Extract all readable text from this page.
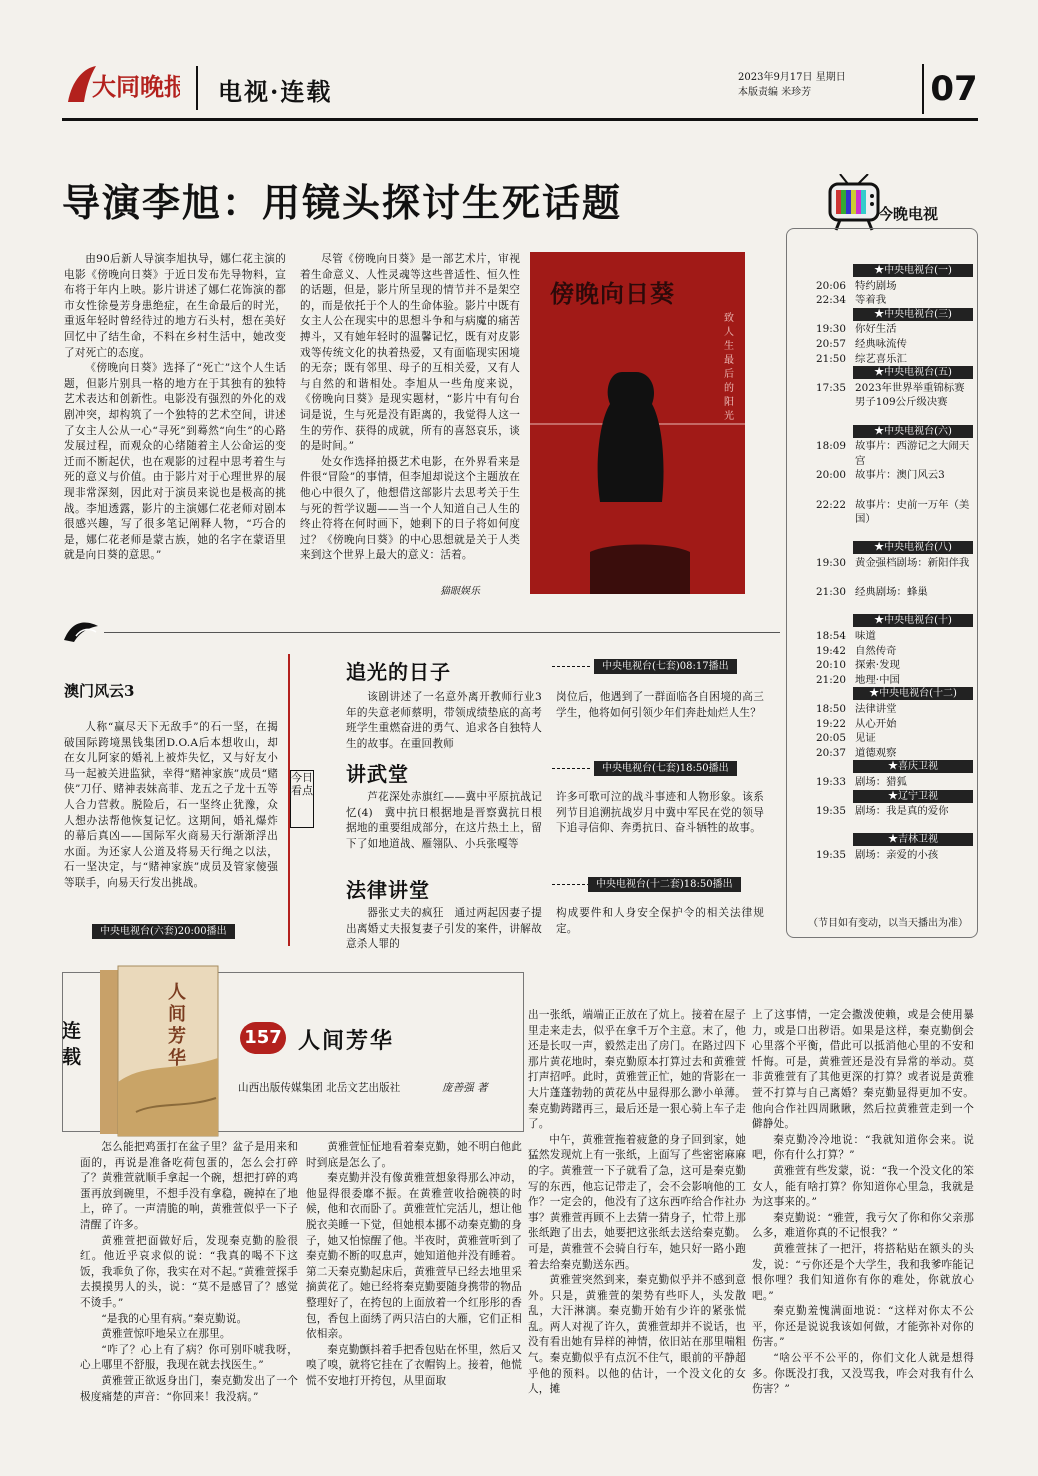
大同晚报 电视·连载	2023年9月17日 星期日
本版责编 米珍芳	07
导演李旭：用镜头探讨生死话题

由90后新人导演李旭执导，娜仁花主演的电影《傍晚向日葵》于近日发布先导物料，宣布将于年内上映。影片讲述了娜仁花饰演的都市女性徐曼芳身患绝症，在生命最后的时光，重返年轻时曾经待过的地方石头村，想在美好回忆中了结生命，不料在乡村生活中，她改变了对死亡的态度。

《傍晚向日葵》选择了“死亡”这个人生话题，但影片别具一格的地方在于其独有的独特艺术表达和创新性。电影没有强烈的外化的戏剧冲突，却构筑了一个独特的艺术空间，讲述了女主人公从一心“寻死”到蓦然“向生”的心路发展过程，而观众的心绪随着主人公命运的变迁而不断起伏，也在观影的过程中思考着生与死的意义与价值。由于影片对于心理世界的展现非常深刻，因此对于演员来说也是极高的挑战。李旭透露，影片的主演娜仁花老师对剧本很感兴趣，写了很多笔记阐释人物，“巧合的是，娜仁花老师是蒙古族，她的名字在蒙语里就是向日葵的意思。”

尽管《傍晚向日葵》是一部艺术片，审视着生命意义、人性灵魂等这些普适性、恒久性的话题，但是，影片所呈现的情节并不是架空的，而是依托于个人的生命体验。影片中既有女主人公在现实中的思想斗争和与病魔的痛苦搏斗，又有她年轻时的温馨记忆，既有对皮影戏等传统文化的执着热爱，又有面临现实困境的无奈；既有邻里、母子的互相关爱，又有人与自然的和谐相处。李旭从一些角度来说，《傍晚向日葵》是现实题材，“影片中有句台词是说，生与死是没有距离的，我觉得人这一生的劳作、获得的成就，所有的喜怒哀乐，谈的是时间。”

处女作选择拍摄艺术电影，在外界看来是件很“冒险”的事情，但李旭却说这个主题放在他心中很久了，他想借这部影片去思考关于生与死的哲学议题——当一个人知道自己人生的终止符将在何时画下，她剩下的日子将如何度过？《傍晚向日葵》的中心思想就是关于人类来到这个世界上最大的意义：活着。

猫眼娱乐
傍晚向日葵
致人生最后的阳光
今晚电视
★中央电视台(一)
20:06 特约剧场
22:34 等着我
★中央电视台(三)
19:30 你好生活
20:57 经典咏流传
21:50 综艺喜乐汇
★中央电视台(五)
17:35 2023年世界举重锦标赛男子109公斤级决赛
★中央电视台(六)
18:09 故事片：西游记之大闹天宫
20:00 故事片：澳门风云3
22:22 故事片：史前一万年（美国）
★中央电视台(八)
19:30 黄金强档剧场：新阳伴我
21:30 经典剧场：蜂巢
★中央电视台(十)
18:54 味道
19:42 自然传奇
20:10 探索·发现
21:20 地理·中国
★中央电视台(十二)
18:50 法律讲堂
19:22 从心开始
20:05 见证
20:37 道德观察
★喜庆卫视
19:33 剧场：猎狐
★辽宁卫视
19:35 剧场：我是真的爱你
★吉林卫视
19:35 剧场：亲爱的小孩
（节目如有变动，以当天播出为准）
澳门风云3

人称“赢尽天下无敌手”的石一坚，在揭破国际跨境黑钱集团D.O.A后本想收山，却在女儿阿家的婚礼上被炸失忆，又与好友小马一起被关进监狱，幸得“赌神家族”成员“赌侠”刀仔、赌神表妹高菲、龙五之子龙十五等人合力营救。脱险后，石一坚终止犹豫，众人想办法帮他恢复记忆。这期间，婚礼爆炸的幕后真凶——国际军火商易天行渐渐浮出水面。为还家人公道及将易天行绳之以法，石一坚决定，与“赌神家族”成员及管家傻强等联手，向易天行发出挑战。

中央电视台(六套)20:00播出
今日看点
追光的日子	中央电视台(七套)08:17播出

该剧讲述了一名意外离开教师行业3年的失意老师蔡明，带领成绩垫底的高考班学生重燃奋进的勇气、追求各自独特人生的故事。在重回教师

岗位后，他遇到了一群面临各自困境的高三学生，他将如何引领少年们奔赴灿烂人生？

讲武堂	中央电视台(七套)18:50播出

芦花深处赤旗红——冀中平原抗战记忆(4)　冀中抗日根据地是晋察冀抗日根据地的重要组成部分，在这片热土上，留下了如地道战、雁翎队、小兵张嘎等

许多可歌可泣的战斗事迹和人物形象。该系列节目追溯抗战岁月中冀中军民在党的领导下追寻信仰、奔勇抗日、奋斗牺牲的故事。

法律讲堂	中央电视台(十二套)18:50播出

器张丈夫的疯狂　通过两起因妻子提出离婚丈夫报复妻子引发的案件，讲解故意杀人罪的

构成要件和人身安全保护令的相关法律规定。

连载
人间芳华
157 人间芳华
山西出版传媒集团 北岳文艺出版社	庞善强 著

怎么能把鸡蛋打在盆子里？盆子是用来和面的，再说是准备吃荷包蛋的，怎么会打碎了？黄雅萱就顺手拿起一个碗，想把打碎的鸡蛋再放到碗里，不想手没有拿稳，碗掉在了地上，碎了。一声清脆的响，黄雅萱似乎一下子清醒了许多。

黄雅萱把面做好后，发现秦克勤的脸很红。他近乎哀求似的说：“我真的喝不下这饭，我乖负了你，我实在对不起。”黄雅萱探手去摸摸男人的头，说：“莫不是感冒了？感觉不烫手。”

“是我的心里有病。”秦克勤说。

黄雅萱惊吓地呆立在那里。

“咋了？心上有了病？你可别吓唬我呀，心上哪里不舒服，我现在就去找医生。”

黄雅萱正欲返身出门，秦克勤发出了一个极度痛楚的声音：“你回来！我没病。”

黄雅萱怔怔地看着秦克勤，她不明白他此时到底是怎么了。

秦克勤并没有像黄雅萱想象得那么冲动，他显得很委靡不振。在黄雅萱收拾碗筷的时候，他和衣而卧了。黄雅萱忙完活儿，想让他脱衣美睡一下觉，但她根本挪不动秦克勤的身子，她又怕惊醒了他。半夜时，黄雅萱听到了秦克勤不断的叹息声，她知道他并没有睡着。第二天秦克勤起床后，黄雅萱早已经去地里采摘黄花了。她已经将秦克勤要随身携带的物品整理好了，在挎包的上面放着一个红彤彤的香包，香包上面绣了两只洁白的大雁，它们正相依相亲。

秦克勤颤抖着手把香包贴在怀里，然后又嗅了嗅，就将它挂在了衣帽钩上。接着，他慌慌不安地打开挎包，从里面取

出一张纸，端端正正放在了炕上。接着在屋子里走来走去，似乎在拿千万个主意。末了，他还是长叹一声，毅然走出了房门。在路过四下那片黄花地时，秦克勤原本打算过去和黄雅萱打声招呼。此时，黄雅萱正忙，她的背影在一大片蓬蓬勃勃的黄花丛中显得那么渺小单薄。秦克勤踌躇再三，最后还是一狠心骑上车子走了。

中午，黄雅萱拖着疲惫的身子回到家，她猛然发现炕上有一张纸，上面写了些密密麻麻的字。黄雅萱一下子就看了急，这可是秦克勤写的东西，他忘记带走了，会不会影响他的工作？一定会的，他没有了这东西咋给合作社办事？黄雅萱再顾不上去猜一猜身子，忙带上那张纸跑了出去，她要把这张纸去送给秦克勤。可是，黄雅萱不会骑自行车，她只好一路小跑着去给秦克勤送东西。

黄雅萱突然到来，秦克勤似乎并不感到意外。只是，黄雅萱的架势有些吓人，头发散乱，大汗淋漓。秦克勤开始有少许的紧张慌乱。两人对视了许久，黄雅萱却并不说话，也没有看出她有异样的神情，依旧站在那里喘粗气。秦克勤似乎有点沉不住气，眼前的平静超乎他的预料。以他的估计，一个没文化的女人，摊

上了这事情，一定会撒泼使赖，或是会使用暴力，或是口出秽语。如果是这样，秦克勤倒会心里落个平衡，借此可以抵消他心里的不安和忏悔。可是，黄雅萱还是没有异常的举动。莫非黄雅萱有了其他更深的打算？或者说是黄雅萱不打算与自己离婚？秦克勤显得更加不安。他向合作社四周瞅瞅，然后拉黄雅萱走到一个僻静处。

秦克勤冷冷地说：“我就知道你会来。说吧，你有什么打算？”

黄雅萱有些发蒙，说：“我一个没文化的笨女人，能有啥打算？你知道你心里急，我就是为这事来的。”

秦克勤说：“雅萱，我亏欠了你和你父亲那么多，难道你真的不记恨我？”

黄雅萱抹了一把汗，将搭粘贴在额头的头发，说：“亏你还是个大学生，我和我爹咋能记恨你哩？我们知道你有你的难处，你就放心吧。”

秦克勤羞愧满面地说：“这样对你太不公平，你还是说说我该如何做，才能弥补对你的伤害。”

“啥公平不公平的，你们文化人就是想得多。你既没打我，又没骂我，咋会对我有什么伤害？”
